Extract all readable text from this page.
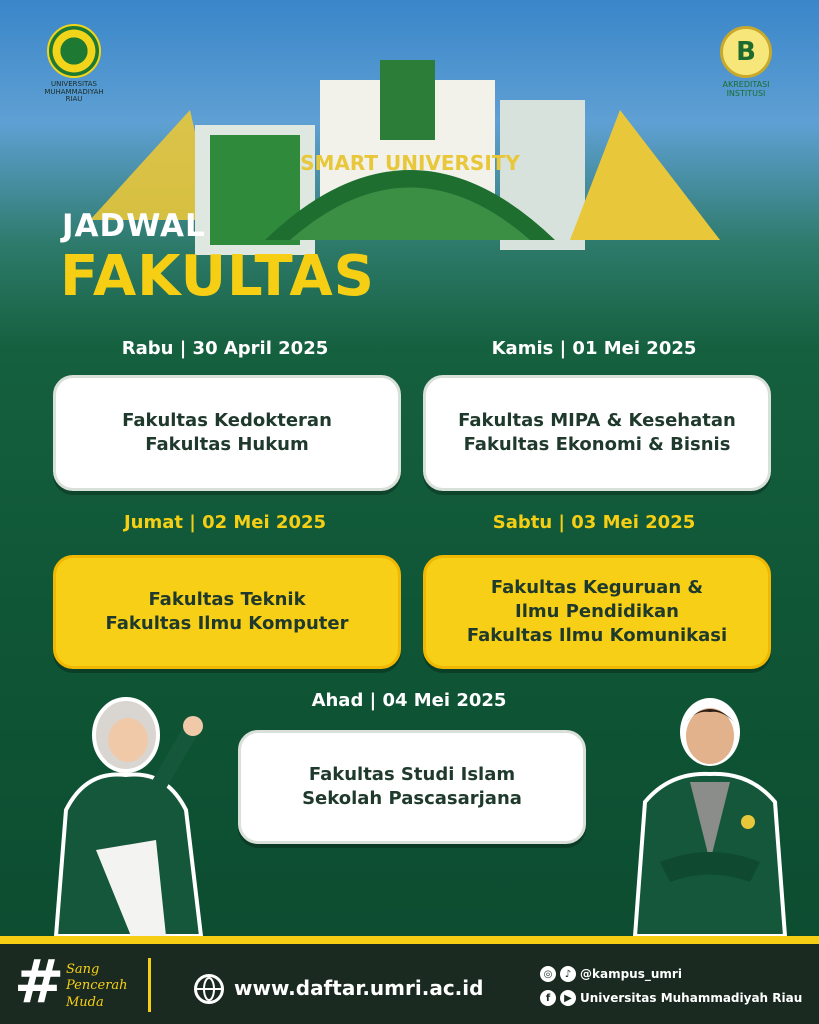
SMART UNIVERSITY
UNIVERSITAS MUHAMMADIYAH RIAU
B
AKREDITASI INSTITUSI
JADWAL
FAKULTAS
Rabu | 30 April 2025
Fakultas Kedokteran
Fakultas Hukum
Kamis | 01 Mei 2025
Fakultas MIPA & Kesehatan
Fakultas Ekonomi & Bisnis
Jumat | 02 Mei 2025
Fakultas Teknik
Fakultas Ilmu Komputer
Sabtu | 03 Mei 2025
Fakultas Keguruan &
Ilmu Pendidikan
Fakultas Ilmu Komunikasi
Ahad | 04 Mei 2025
Fakultas Studi Islam
Sekolah Pascasarjana
# Sang
Pencerah
Muda
www.daftar.umri.ac.id
◎	♪ @kampus_umri
f	▶ Universitas Muhammadiyah Riau
